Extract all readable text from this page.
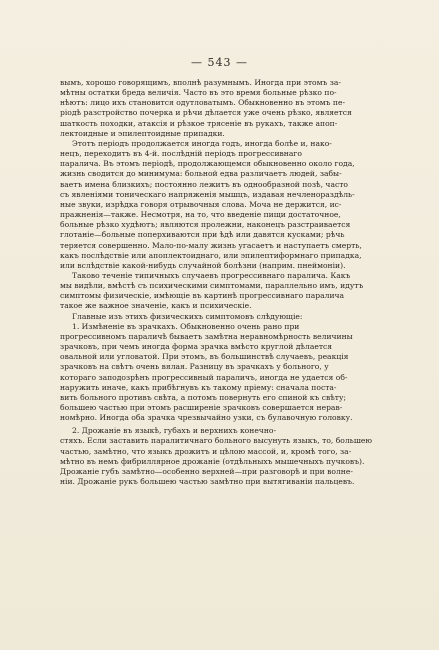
— 543 —

вымъ, хорошо говорящимъ, вполнѣ разумнымъ. Иногда при этомъ за-

мѣтны остатки бреда величія. Часто въ это время больные рѣзко по-

нѣютъ: лицо ихъ становится одутловатымъ. Обыкновенно въ этомъ пе-

ріодѣ разстройство почерка и рѣчи дѣлается уже очень рѣзко, является

шаткость походки, атаксія и рѣзкое трясеніе въ рукахъ, также апоп-

лектоидные и эпилептоидные припадки.

Этотъ періодъ продолжается иногда годъ, иногда болѣе и, нако-

нецъ, переходитъ въ 4-й. послѣдній періодъ прогрессивнаго

паралича. Въ этомъ періодѣ, продолжающемся обыкновенно около года,

жизнь сводится до минимума: больной едва различаетъ людей, забы-

ваетъ имена близкихъ; постоянно лежитъ въ однообразной позѣ, часто

съ явленіями тоническаго напряженія мышцъ, издавая нечленораздѣль-

ные звуки, изрѣдка говоря отрывочныя слова. Моча не держится, ис-

пражненія—также. Несмотря, на то, что введеніе пищи достаточное,

больные рѣзко худѣютъ; являются пролежни, наконецъ разстраивается

глотаніе—больные поперхиваются при ѣдѣ или давятся кусками; рѣчь

теряется совершенно. Мало-по-малу жизнь угасаетъ и наступаетъ смерть,

какъ послѣдствіе или апоплектоиднаго, или эпилептиформнаго припадка,

или вслѣдствіе какой-нибудь случайной болѣзни (наприм. пнеймоніи).

Таково теченіе типичныхъ случаевъ прогрессивнаго паралича. Какъ

мы видѣли, вмѣстѣ съ психическими симптомами, параллельно имъ, идутъ

симптомы физическіе, имѣющіе въ картинѣ прогрессивнаго паралича

такое же важное значеніе, какъ и психическіе.

Главные изъ этихъ физическихъ симптомовъ слѣдующіе:

1. Измѣненіе въ зрачкахъ. Обыкновенно очень рано при

прогрессивномъ параличѣ бываетъ замѣтна неравномѣрность величины

зрачковъ, при чемъ иногда форма зрачка вмѣсто круглой дѣлается

овальной или угловатой. При этомъ, въ большинствѣ случаевъ, реакція

зрачковъ на свѣтъ очень вялая. Разницу въ зрачкахъ у больного, у

котораго заподозрѣнъ прогрессивный параличъ, иногда не удается об-

наружить иначе, какъ прибѣгнувъ къ такому пріему: сначала поста-

вить больного противъ свѣта, а потомъ повернуть его спиной къ свѣту;

большею частью при этомъ расширеніе зрачковъ совершается нерав-

номѣрно. Иногда оба зрачка чрезвычайно узки, съ булавочную головку.

2. Дрожаніе въ языкѣ, губахъ и верхнихъ конечно-

стяхъ. Если заставить паралитичнаго больного высунуть языкъ, то, большею

частью, замѣтно, что языкъ дрожитъ и цѣлою массой, и, кромѣ того, за-

мѣтно въ немъ фибриллярное дрожаніе (отдѣльныхъ мышечныхъ пучковъ).

Дрожаніе губъ замѣтно—особенно верхней—при разговорѣ и при волне-

ніи. Дрожаніе рукъ большею частью замѣтно при вытягиваніи пальцевъ.
